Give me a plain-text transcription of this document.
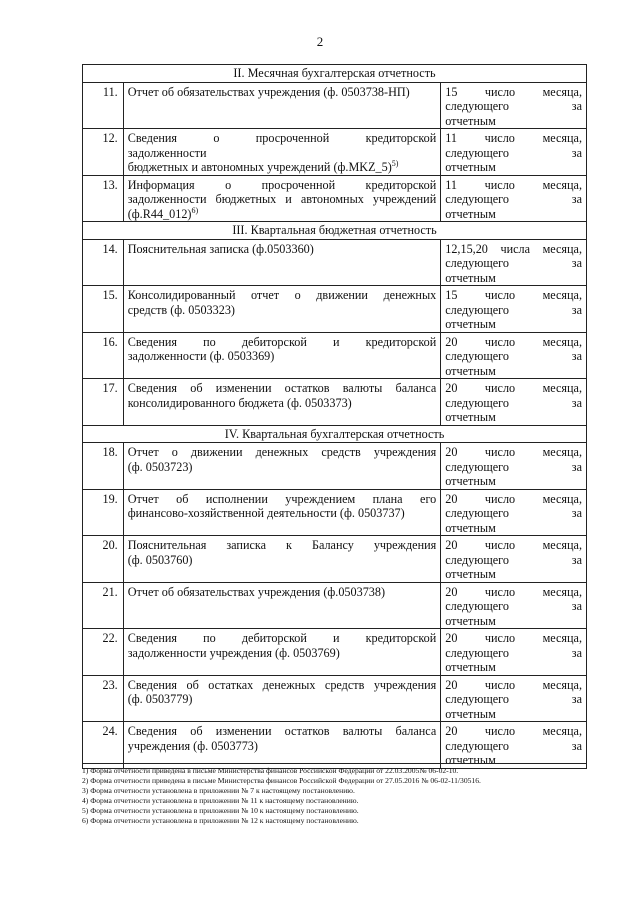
2
II. Месячная бухгалтерская отчетность		
11.	Отчет об обязательствах учреждения (ф. 0503738-НП)	15 число месяца,
следующего за
отчетным

12.	Сведения о просроченной кредиторской
задолженности
бюджетных и автономных учреждений (ф.MKZ_5)$^{5)}$	11 число месяца,
следующего за
отчетным

13.	Информация о просроченной кредиторской
задолженности бюджетных и автономных учреждений
(ф.R44_012)$^{6)}$	11 число месяца,
следующего за
отчетным

III. Квартальная бюджетная отчетность		
14.	Пояснительная записка (ф.0503360)	12,15,20 числа месяца,
следующего за
отчетным

15.	Консолидированный отчет о движении денежных
средств (ф. 0503323)	15 число месяца,
следующего за
отчетным

16.	Сведения по дебиторской и кредиторской
задолженности (ф. 0503369)	20 число месяца,
следующего за
отчетным

17.	Сведения об изменении остатков валюты баланса
консолидированного бюджета (ф. 0503373)	20 число месяца,
следующего за
отчетным

IV. Квартальная бухгалтерская отчетность		
18.	Отчет о движении денежных средств учреждения
(ф. 0503723)	20 число месяца,
следующего за
отчетным

19.	Отчет об исполнении учреждением плана его
финансово-хозяйственной деятельности (ф. 0503737)	20 число месяца,
следующего за
отчетным

20.	Пояснительная записка к Балансу учреждения
(ф. 0503760)	20 число месяца,
следующего за
отчетным

21.	Отчет об обязательствах учреждения (ф.0503738)	20 число месяца,
следующего за
отчетным

22.	Сведения по дебиторской и кредиторской
задолженности учреждения (ф. 0503769)	20 число месяца,
следующего за
отчетным

23.	Сведения об остатках денежных средств учреждения
(ф. 0503779)	20 число месяца,
следующего за
отчетным

24.	Сведения об изменении остатков валюты баланса
учреждения (ф. 0503773)	20 число месяца,
следующего за
отчетным
1) Форма отчетности приведена в письме Министерства финансов Российской Федерации от 22.03.2005№ 06-02-10.
2) Форма отчетности приведена в письме Министерства финансов Российской Федерации от 27.05.2016 № 06-02-11/30516.
3) Форма отчетности установлена в приложении № 7 к настоящему постановлению.
4) Форма отчетности установлена в приложении № 11 к настоящему постановлению.
5) Форма отчетности установлена в приложении № 10 к настоящему постановлению.
6) Форма отчетности установлена в приложении № 12 к настоящему постановлению.
